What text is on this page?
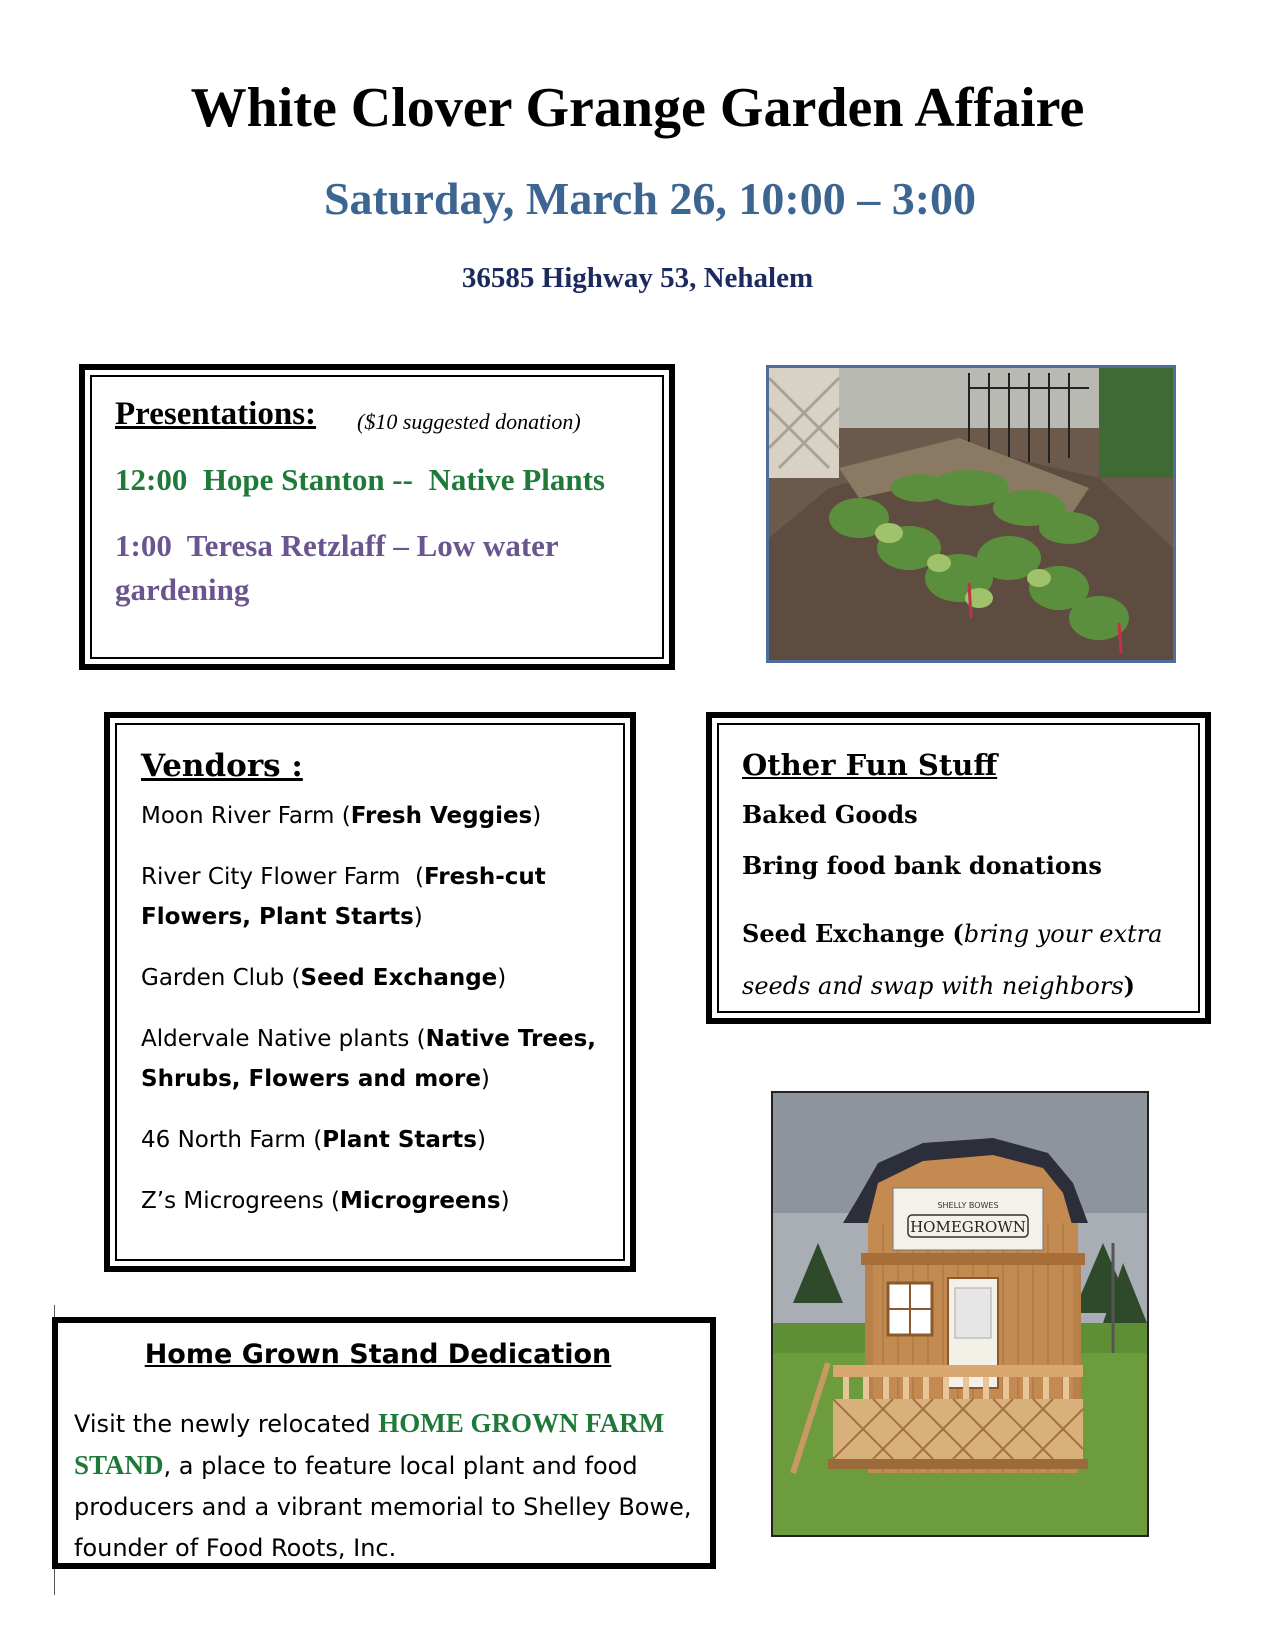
White Clover Grange Garden Affaire
Saturday, March 26, 10:00 – 3:00
36585 Highway 53, Nehalem
Presentations: ($10 suggested donation)
12:00  Hope Stanton --  Native Plants
1:00  Teresa Retzlaff – Low water gardening
Vendors :
Moon River Farm (Fresh Veggies)
River City Flower Farm  (Fresh-cut Flowers, Plant Starts)
Garden Club (Seed Exchange)
Aldervale Native plants (Native Trees, Shrubs, Flowers and more)
46 North Farm (Plant Starts)
Z’s Microgreens (Microgreens)
Other Fun Stuff
Baked Goods
Bring food bank donations
Seed Exchange (bring your extra seeds and swap with neighbors)
SHELLY BOWES
HOMEGROWN
Home Grown Stand Dedication
Visit the newly relocated HOME GROWN FARM STAND, a place to feature local plant and food producers and a vibrant memorial to Shelley Bowe, founder of Food Roots, Inc.
